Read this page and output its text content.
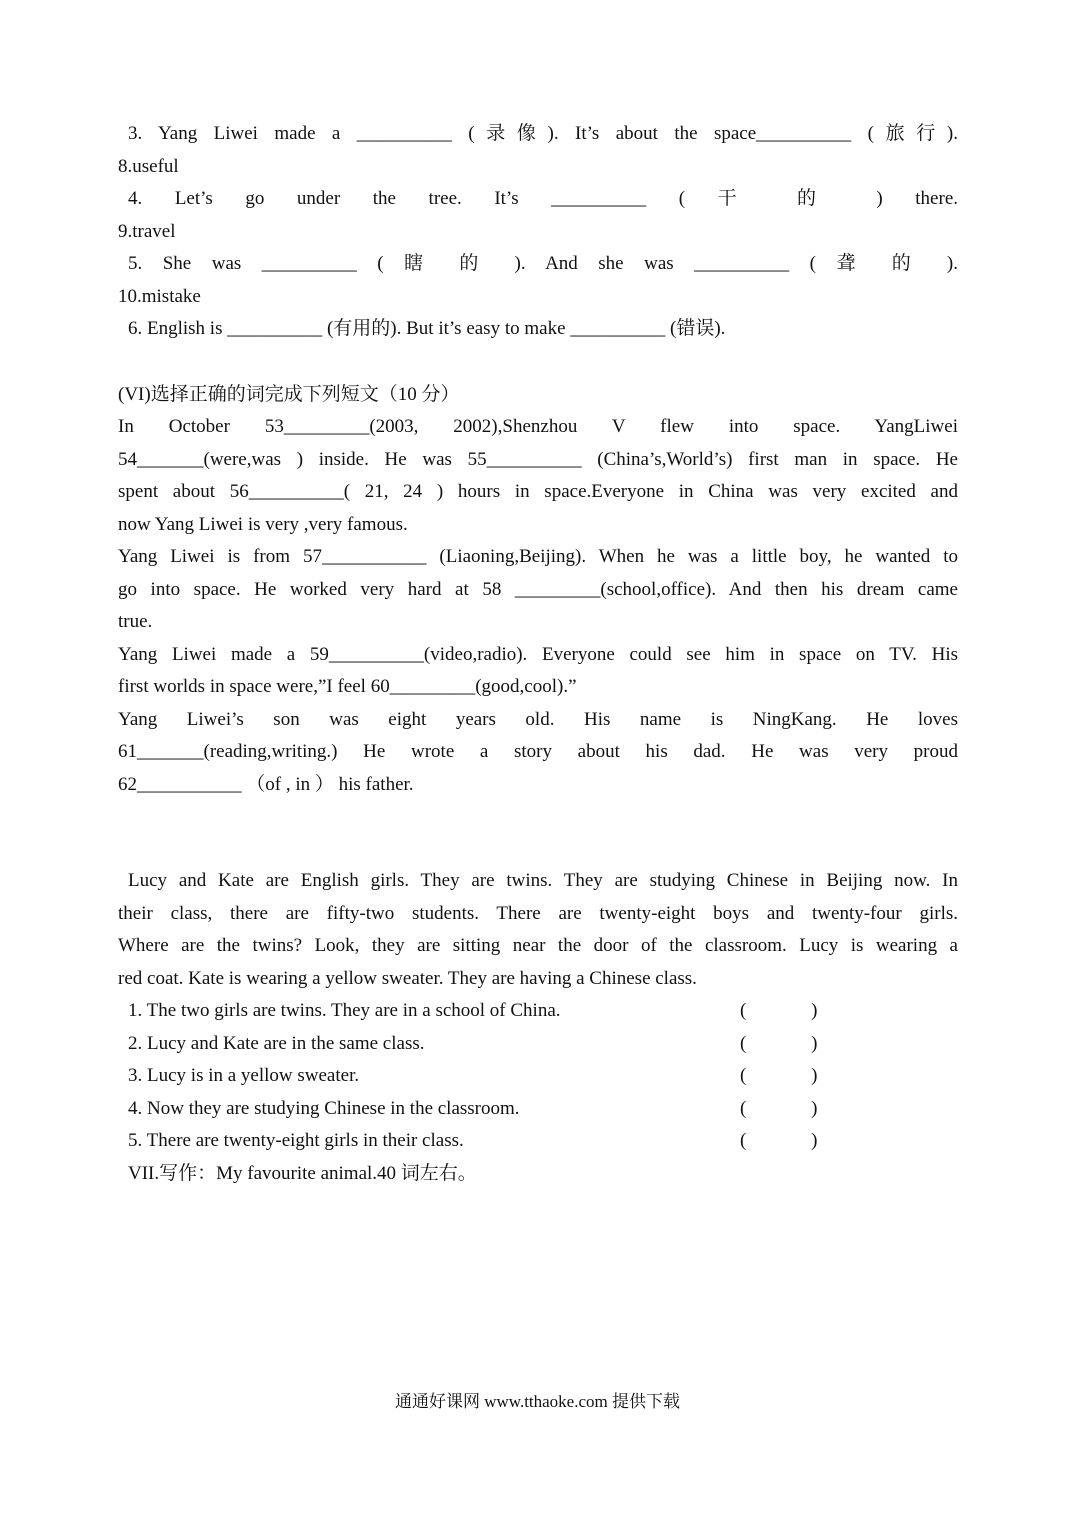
3. Yang Liwei made a __________ (录像). It’s about the space__________ (旅行).
8.useful
4. Let’s go under the tree. It’s __________ ( 干 的 ) there.
9.travel
5. She was __________ ( 瞎 的 ). And she was __________ ( 聋 的 ).
10.mistake
6. English is __________ (有用的). But it’s easy to make __________ (错误).
(VI)选择正确的词完成下列短文（10 分）
In October 53_________(2003, 2002),Shenzhou V flew into space. YangLiwei
54_______(were,was ) inside. He was 55__________ (China’s,World’s) first man in space. He
spent about 56__________( 21, 24 ) hours in space.Everyone in China was very excited and
now Yang Liwei is very ,very famous.
Yang Liwei is from 57___________ (Liaoning,Beijing). When he was a little boy, he wanted to
go into space. He worked very hard at 58 _________(school,office). And then his dream came
true.
Yang Liwei made a 59__________(video,radio). Everyone could see him in space on TV. His
first worlds in space were,”I feel 60_________(good,cool).”
Yang Liwei’s son was eight years old. His name is NingKang. He loves
61_______(reading,writing.) He wrote a story about his dad. He was very proud
62___________ （of , in ） his father.
Lucy and Kate are English girls. They are twins. They are studying Chinese in Beijing now. In
their class, there are fifty-two students. There are twenty-eight boys and twenty-four girls.
Where are the twins? Look, they are sitting near the door of the classroom. Lucy is wearing a
red coat. Kate is wearing a yellow sweater. They are having a Chinese class.
1. The two girls are twins. They are in a school of China.	( )
2. Lucy and Kate are in the same class.	( )
3. Lucy is in a yellow sweater.	( )
4. Now they are studying Chinese in the classroom.	( )
5. There are twenty-eight girls in their class.	( )
VII.写作：My favourite animal.40 词左右。
通通好课网 www.tthaoke.com 提供下载
